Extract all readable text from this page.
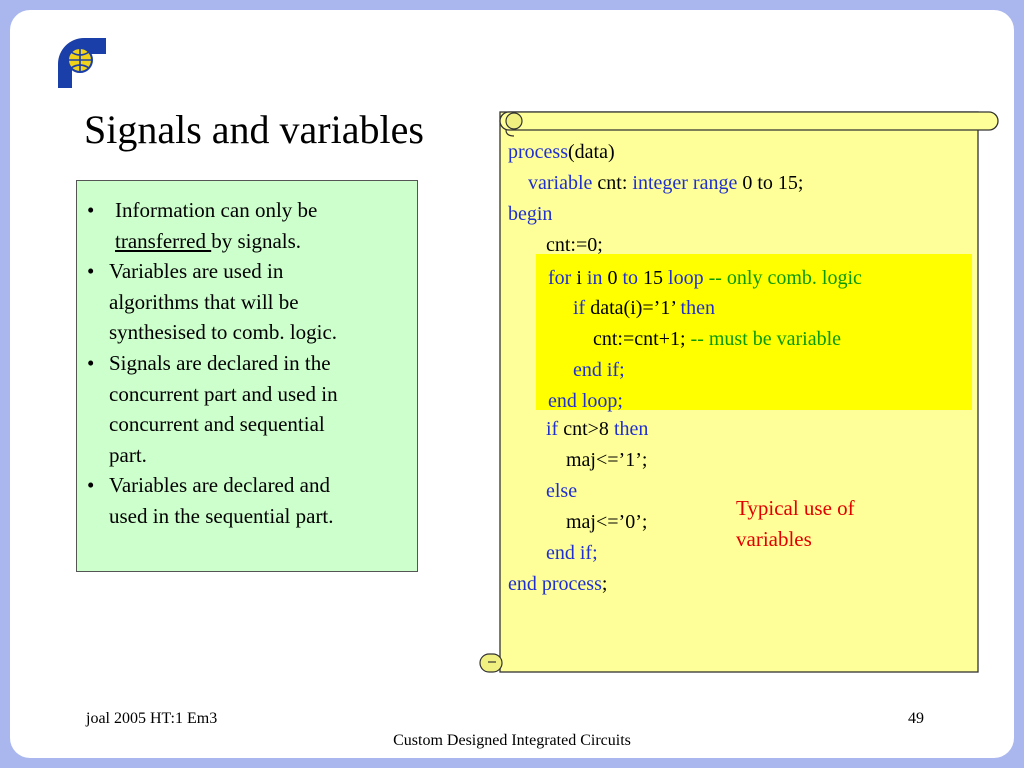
Signals and variables
• Information can only be
transferred by signals.
• Variables are used in
algorithms that will be
synthesised to comb. logic.
• Signals are declared in the
concurrent part and used in
concurrent and sequential
part.
• Variables are declared and
used in the sequential part.
process(data)
variable cnt: integer range 0 to 15;
begin
cnt:=0;
for i in 0 to 15 loop -- only comb. logic
if data(i)=’1’ then
cnt:=cnt+1; -- must be variable
end if;
end loop;
if cnt>8 then
maj<=’1’;
else
maj<=’0’;
end if;
end process;
Typical use of
variables
joal 2005 HT:1 Em3	49
Custom Designed Integrated Circuits
